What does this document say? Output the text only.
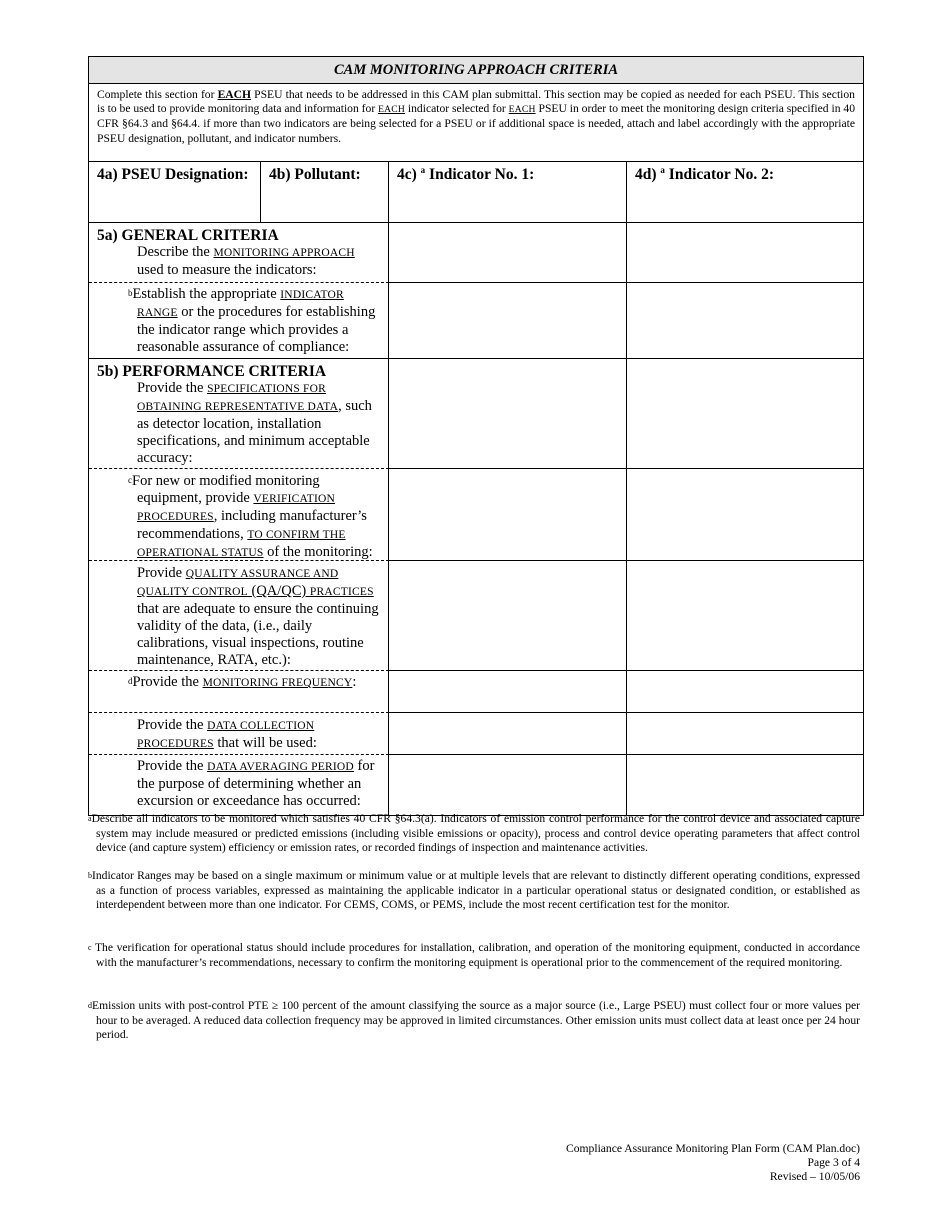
CAM MONITORING APPROACH CRITERIA
Complete this section for EACH PSEU that needs to be addressed in this CAM plan submittal. This section may be copied as needed for each PSEU. This section is to be used to provide monitoring data and information for EACH indicator selected for EACH PSEU in order to meet the monitoring design criteria specified in 40 CFR §64.3 and §64.4. if more than two indicators are being selected for a PSEU or if additional space is needed, attach and label accordingly with the appropriate PSEU designation, pollutant, and indicator numbers.
4a) PSEU Designation:	4b) Pollutant:	4c) $^a$ Indicator No. 1:	4d) $^a$ Indicator No. 2:
5a) GENERAL CRITERIA
Describe the MONITORING APPROACH used to measure the indicators:
$^b$Establish the appropriate INDICATOR RANGE or the procedures for establishing the indicator range which provides a reasonable assurance of compliance:
5b) PERFORMANCE CRITERIA
Provide the SPECIFICATIONS FOR OBTAINING REPRESENTATIVE DATA, such as detector location, installation specifications, and minimum acceptable accuracy:
$^c$For new or modified monitoring equipment, provide VERIFICATION PROCEDURES, including manufacturer’s recommendations, TO CONFIRM THE OPERATIONAL STATUS of the monitoring:
Provide QUALITY ASSURANCE AND QUALITY CONTROL (QA/QC) PRACTICES that are adequate to ensure the continuing validity of the data, (i.e., daily calibrations, visual inspections, routine maintenance, RATA, etc.):
$^d$Provide the MONITORING FREQUENCY:
Provide the DATA COLLECTION PROCEDURES that will be used:
Provide the DATA AVERAGING PERIOD for the purpose of determining whether an excursion or exceedance has occurred:

$^a$Describe all indicators to be monitored which satisfies 40 CFR §64.3(a). Indicators of emission control performance for the control device and associated capture system may include measured or predicted emissions (including visible emissions or opacity), process and control device operating parameters that affect control device (and capture system) efficiency or emission rates, or recorded findings of inspection and maintenance activities.

$^b$Indicator Ranges may be based on a single maximum or minimum value or at multiple levels that are relevant to distinctly different operating conditions, expressed as a function of process variables, expressed as maintaining the applicable indicator in a particular operational status or designated condition, or established as interdependent between more than one indicator. For CEMS, COMS, or PEMS, include the most recent certification test for the monitor.

$^c$ The verification for operational status should include procedures for installation, calibration, and operation of the monitoring equipment, conducted in accordance with the manufacturer’s recommendations, necessary to confirm the monitoring equipment is operational prior to the commencement of the required monitoring.

$^d$Emission units with post-control PTE ≥ 100 percent of the amount classifying the source as a major source (i.e., Large PSEU) must collect four or more values per hour to be averaged. A reduced data collection frequency may be approved in limited circumstances. Other emission units must collect data at least once per 24 hour period.

Compliance Assurance Monitoring Plan Form (CAM Plan.doc)
Page 3 of 4
Revised – 10/05/06
